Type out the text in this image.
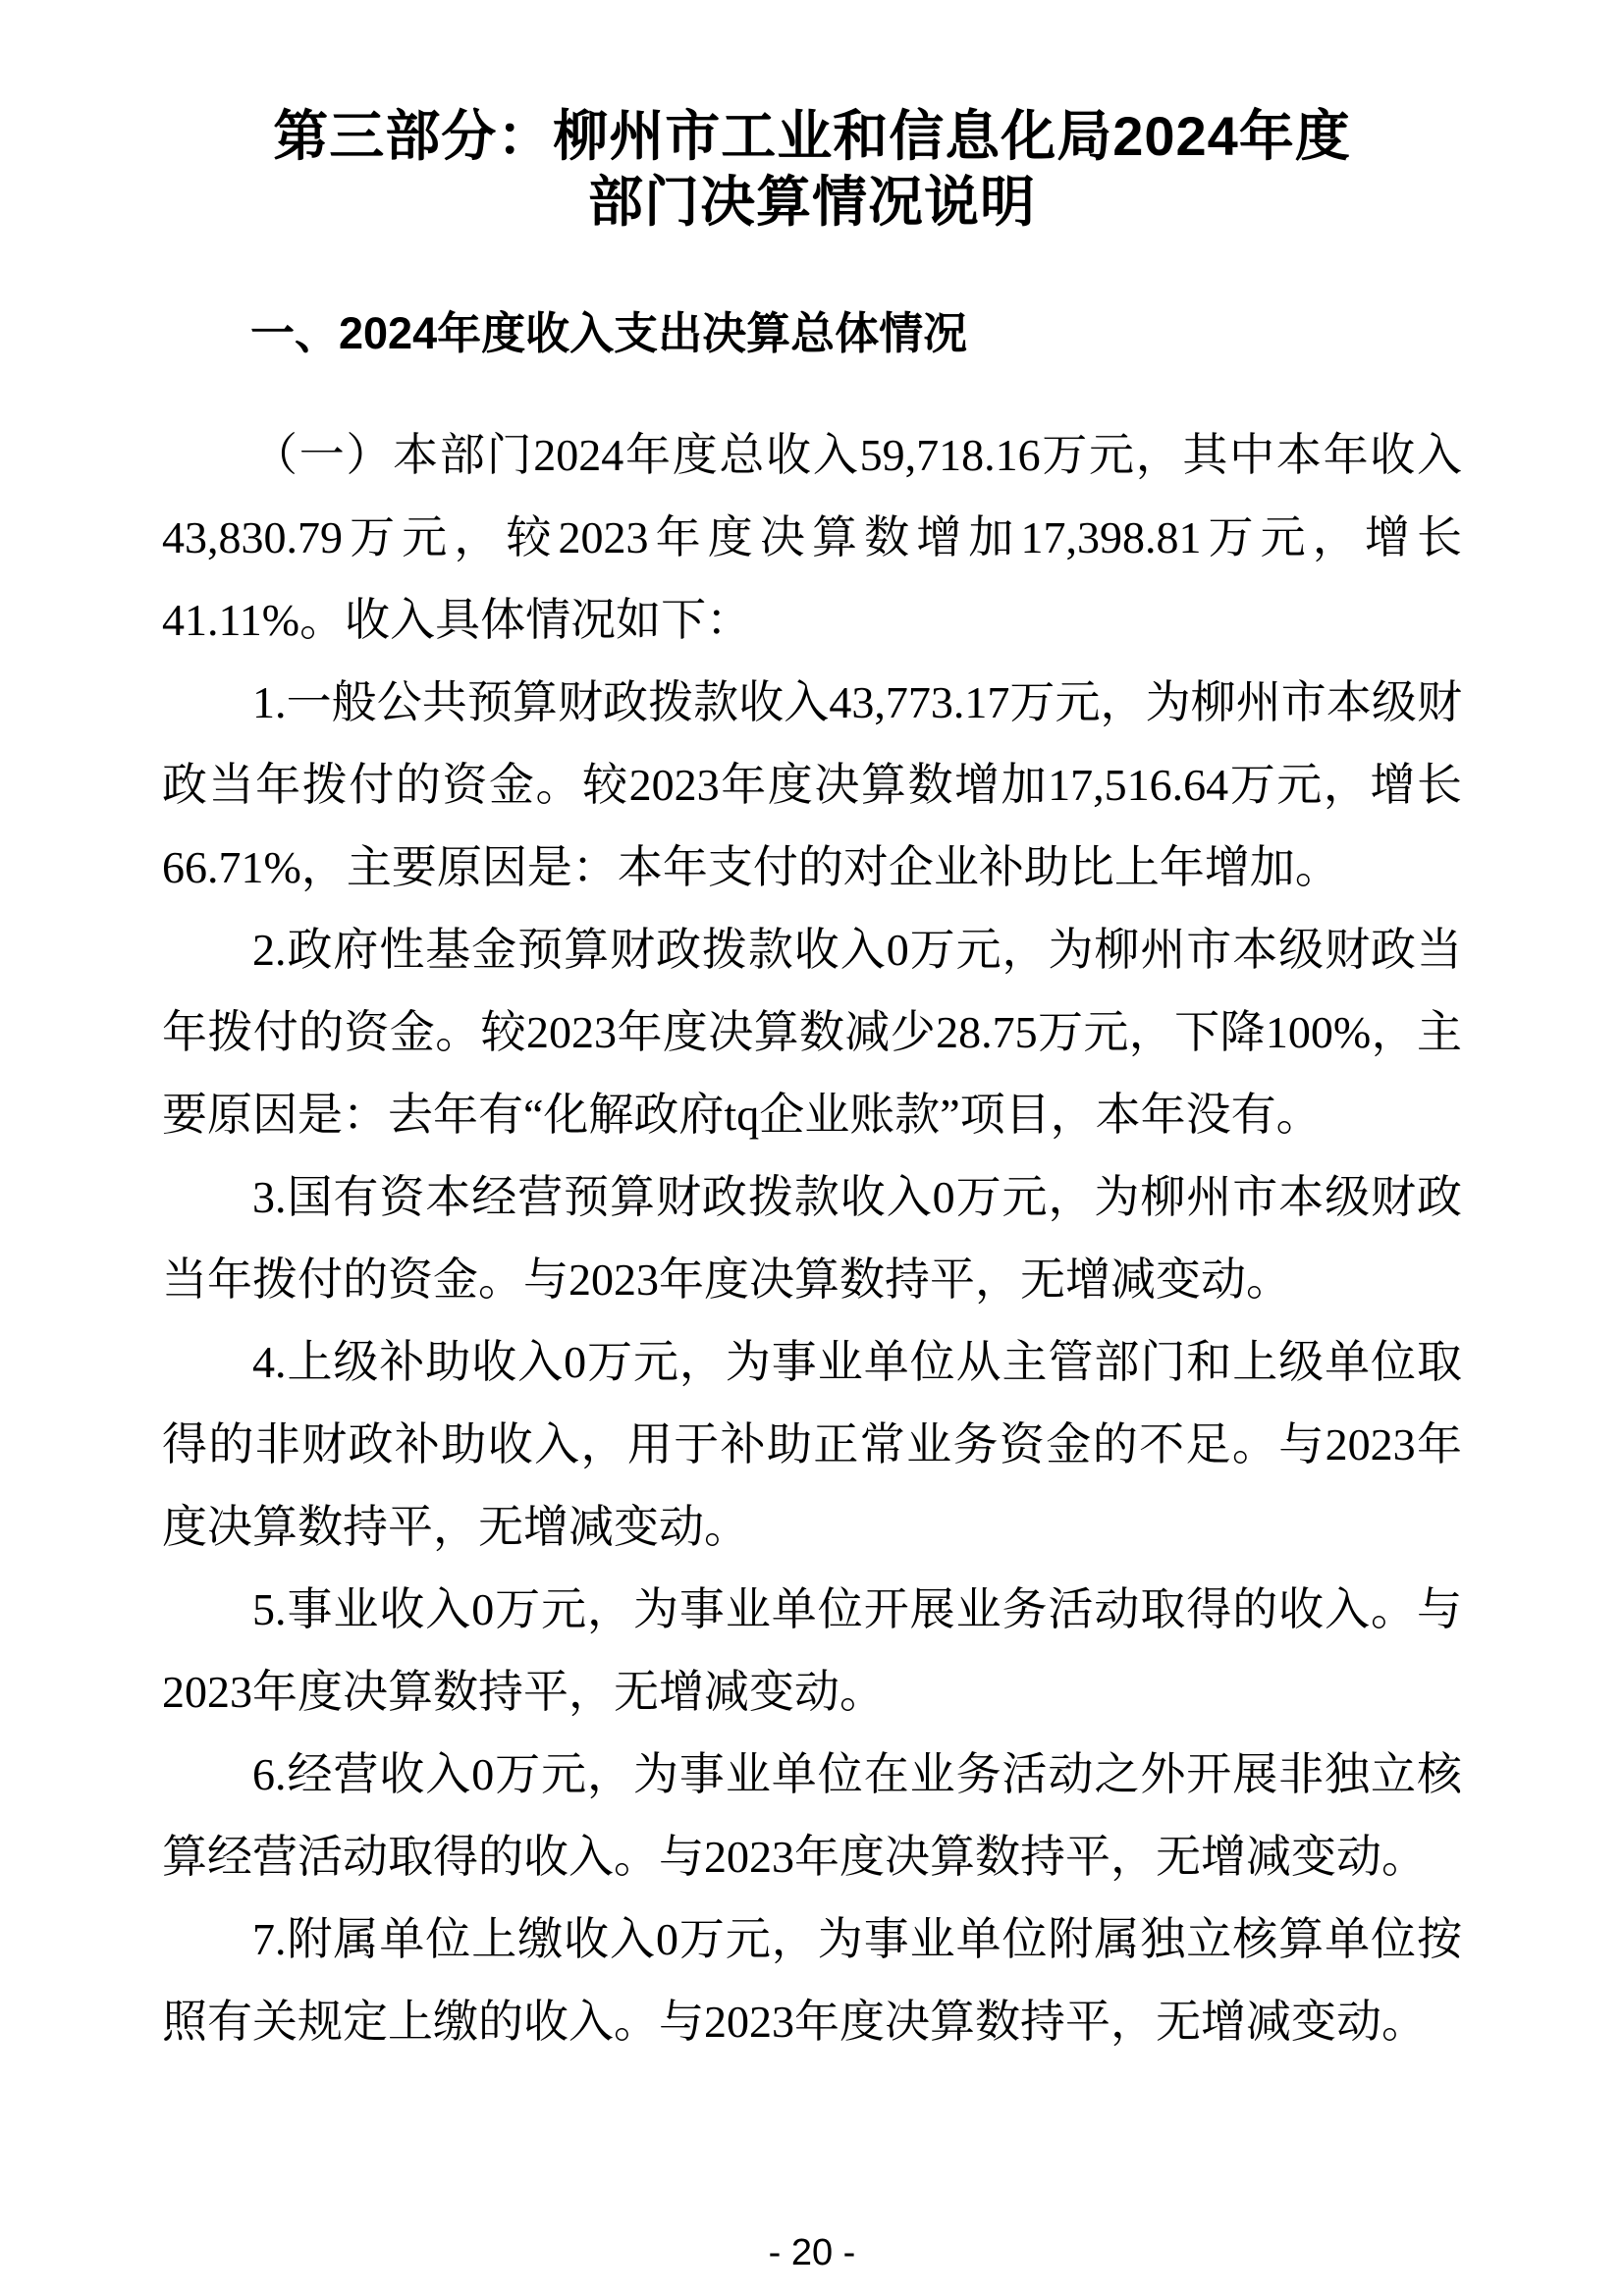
第三部分：柳州市工业和信息化局2024年度
部门决算情况说明
一、2024年度收入支出决算总体情况

（一）本部门2024年度总收入59,718.16万元，其中本年收入43,830.79万元，较2023年度决算数增加17,398.81万元，增长41.11%。收入具体情况如下：

1.一般公共预算财政拨款收入43,773.17万元，为柳州市本级财政当年拨付的资金。较2023年度决算数增加17,516.64万元，增长66.71%，主要原因是：本年支付的对企业补助比上年增加。

2.政府性基金预算财政拨款收入0万元，为柳州市本级财政当年拨付的资金。较2023年度决算数减少28.75万元，下降100%，主要原因是：去年有“化解政府tq企业账款”项目，本年没有。

3.国有资本经营预算财政拨款收入0万元，为柳州市本级财政当年拨付的资金。与2023年度决算数持平，无增减变动。

4.上级补助收入0万元，为事业单位从主管部门和上级单位取得的非财政补助收入，用于补助正常业务资金的不足。与2023年度决算数持平，无增减变动。

5.事业收入0万元，为事业单位开展业务活动取得的收入。与2023年度决算数持平，无增减变动。

6.经营收入0万元，为事业单位在业务活动之外开展非独立核算经营活动取得的收入。与2023年度决算数持平，无增减变动。

7.附属单位上缴收入0万元，为事业单位附属独立核算单位按照有关规定上缴的收入。与2023年度决算数持平，无增减变动。

- 20 -
